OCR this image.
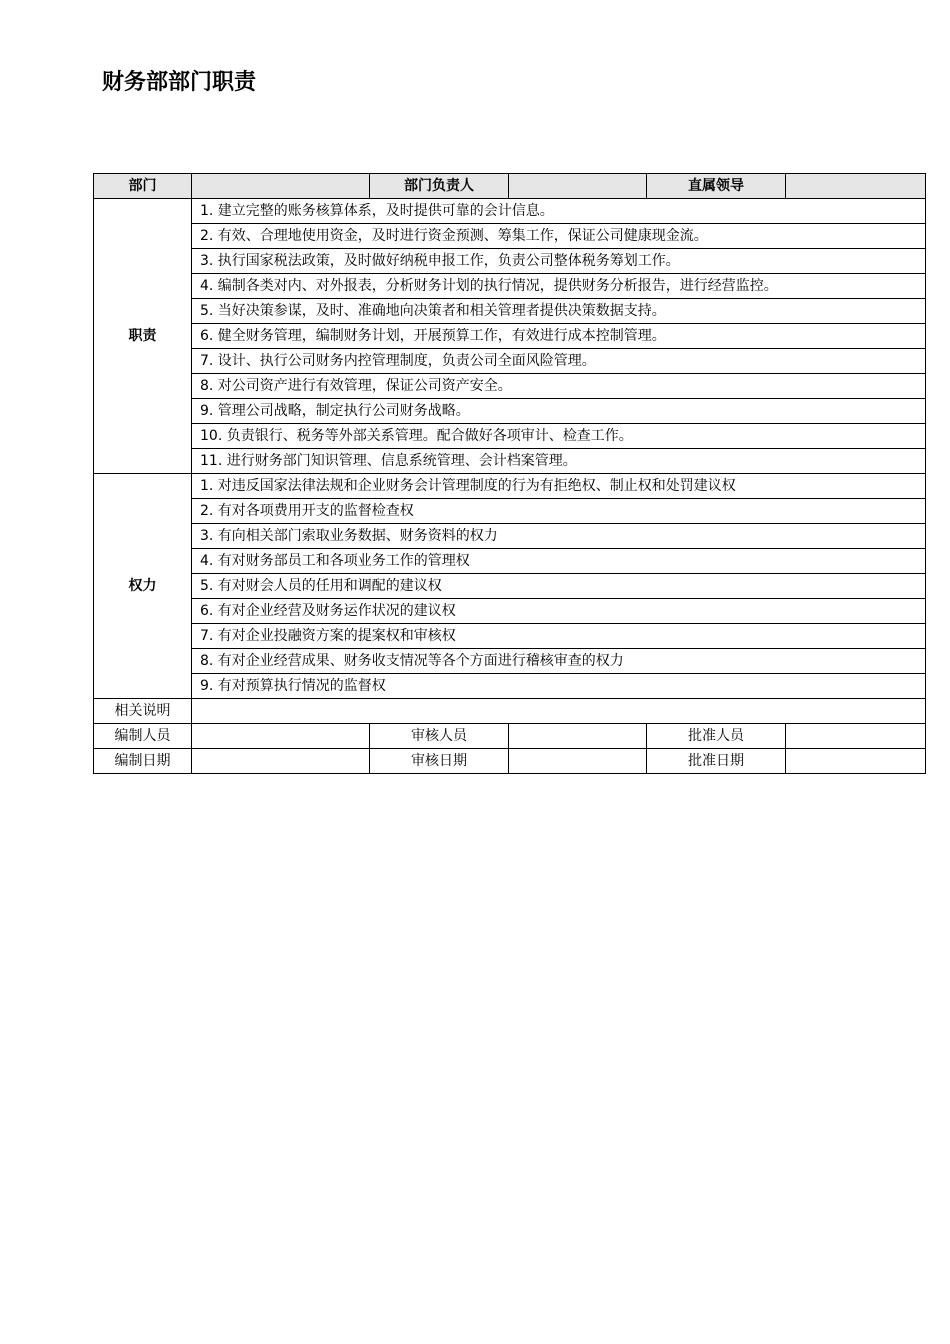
财务部部门职责
部门		部门负责人		直属领导	
职责	1. 建立完整的账务核算体系，及时提供可靠的会计信息。				
	2. 有效、合理地使用资金，及时进行资金预测、筹集工作，保证公司健康现金流。				
	3. 执行国家税法政策，及时做好纳税申报工作，负责公司整体税务筹划工作。				
	4. 编制各类对内、对外报表，分析财务计划的执行情况，提供财务分析报告，进行经营监控。				
	5. 当好决策参谋，及时、准确地向决策者和相关管理者提供决策数据支持。				
	6. 健全财务管理，编制财务计划，开展预算工作，有效进行成本控制管理。				
	7. 设计、执行公司财务内控管理制度，负责公司全面风险管理。				
	8. 对公司资产进行有效管理，保证公司资产安全。				
	9. 管理公司战略，制定执行公司财务战略。				
	10. 负责银行、税务等外部关系管理。配合做好各项审计、检查工作。				
	11. 进行财务部门知识管理、信息系统管理、会计档案管理。				
权力	1. 对违反国家法律法规和企业财务会计管理制度的行为有拒绝权、制止权和处罚建议权				
	2. 有对各项费用开支的监督检查权				
	3. 有向相关部门索取业务数据、财务资料的权力				
	4. 有对财务部员工和各项业务工作的管理权				
	5. 有对财会人员的任用和调配的建议权				
	6. 有对企业经营及财务运作状况的建议权				
	7. 有对企业投融资方案的提案权和审核权				
	8. 有对企业经营成果、财务收支情况等各个方面进行稽核审查的权力				
	9. 有对预算执行情况的监督权				
相关说明					
编制人员		审核人员		批准人员	
编制日期		审核日期		批准日期	
